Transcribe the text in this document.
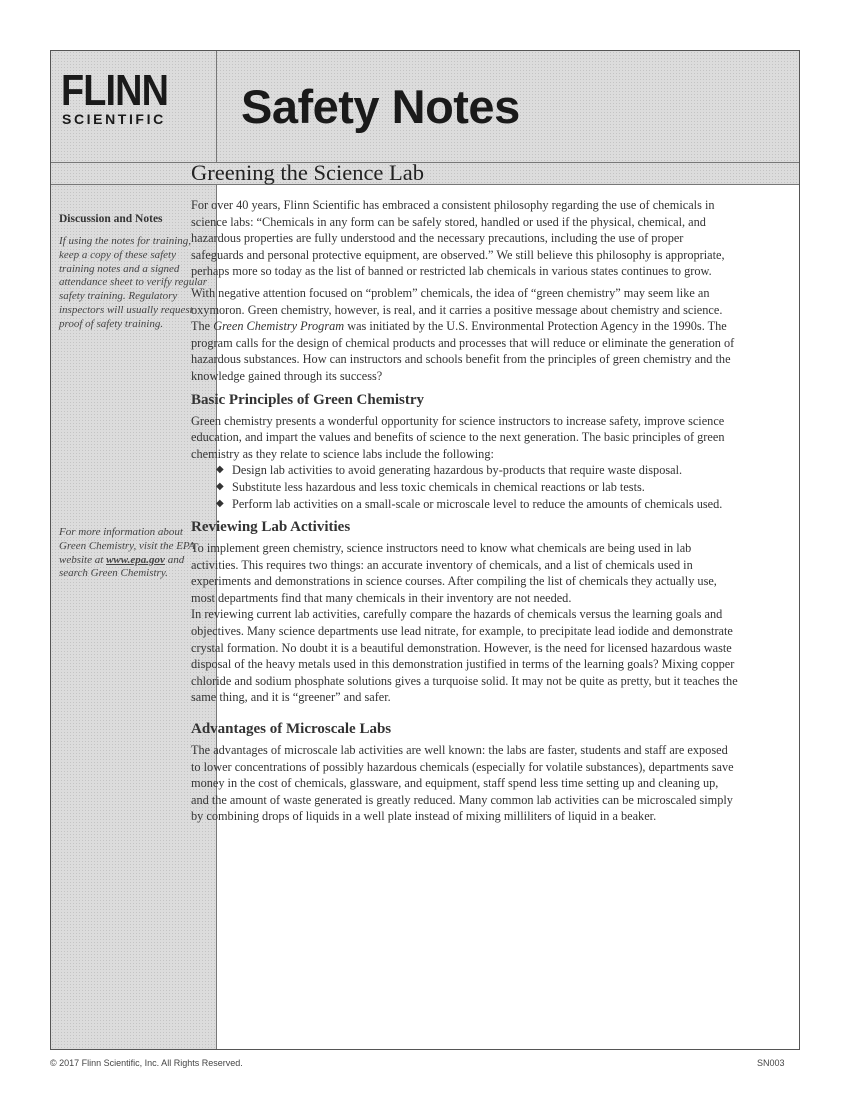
FLINN
SCIENTIFIC Safety Notes
Discussion and Notes
If using the notes for training, keep a copy of these safety training notes and a signed attendance sheet to verify regular safety training. Regulatory inspectors will usually request proof of safety training.
For more information about Green Chemistry, visit the EPA website at www.epa.gov and search Green Chemistry.
Greening the Science Lab

For over 40 years, Flinn Scientific has embraced a consistent philosophy regarding the use of chemicals in science labs: “Chemicals in any form can be safely stored, handled or used if the physical, chemical, and hazardous properties are fully understood and the necessary precautions, including the use of proper safeguards and personal protective equipment, are observed.” We still believe this philosophy is appropriate, perhaps more so today as the list of banned or restricted lab chemicals in various states continues to grow.

With negative attention focused on “problem” chemicals, the idea of “green chemistry” may seem like an oxymoron. Green chemistry, however, is real, and it carries a positive message about chemistry and science. The Green Chemistry Program was initiated by the U.S. Environmental Protection Agency in the 1990s. The program calls for the design of chemical products and processes that will reduce or eliminate the generation of hazardous substances. How can instructors and schools benefit from the principles of green chemistry and the knowledge gained through its success?

Basic Principles of Green Chemistry

Green chemistry presents a wonderful opportunity for science instructors to increase safety, improve science education, and impart the values and benefits of science to the next generation. The basic principles of green chemistry as they relate to science labs include the following:

◆ Design lab activities to avoid generating hazardous by-products that require waste disposal.
◆ Substitute less hazardous and less toxic chemicals in chemical reactions or lab tests.
◆ Perform lab activities on a small-scale or microscale level to reduce the amounts of chemicals used.
Reviewing Lab Activities

To implement green chemistry, science instructors need to know what chemicals are being used in lab activities. This requires two things: an accurate inventory of chemicals, and a list of chemicals used in experiments and demonstrations in science courses. After compiling the list of chemicals they actually use, most departments find that many chemicals in their inventory are not needed.

In reviewing current lab activities, carefully compare the hazards of chemicals versus the learning goals and objectives. Many science departments use lead nitrate, for example, to precipitate lead iodide and demonstrate crystal formation. No doubt it is a beautiful demonstration. However, is the need for licensed hazardous waste disposal of the heavy metals used in this demonstration justified in terms of the learning goals? Mixing copper chloride and sodium phosphate solutions gives a turquoise solid. It may not be quite as pretty, but it teaches the same thing, and it is “greener” and safer.

Advantages of Microscale Labs

The advantages of microscale lab activities are well known: the labs are faster, students and staff are exposed to lower concentrations of possibly hazardous chemicals (especially for volatile substances), departments save money in the cost of chemicals, glassware, and equipment, staff spend less time setting up and cleaning up, and the amount of waste generated is greatly reduced. Many common lab activities can be microscaled simply by combining drops of liquids in a well plate instead of mixing milliliters of liquid in a beaker.

© 2017 Flinn Scientific, Inc. All Rights Reserved.	SN003
